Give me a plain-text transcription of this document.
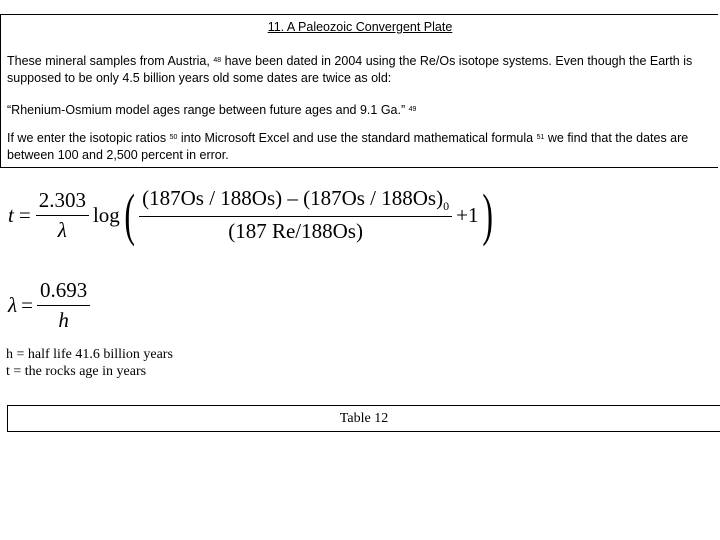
11. A Paleozoic Convergent Plate
These mineral samples from Austria, $^{48}$ have been dated in 2004 using the Re/Os isotope systems. Even though the Earth is supposed to be only 4.5 billion years old some dates are twice as old:
“Rhenium-Osmium model ages range between future ages and 9.1 Ga.” $^{49}$
If we enter the isotopic ratios $^{50}$ into Microsoft Excel and use the standard mathematical formula $^{51}$ we find that the dates are between 100 and 2,500 percent in error.
$t = \frac{2.303}{\lambda}$ log ( $\frac{(187Os / 188Os) - (187Os / 188Os)_0}{(187 Re/188Os)} +1$ )
$\lambda = \frac{0.693}{h}$
h = half life 41.6 billion years
t = the rocks age in years
Table 12
